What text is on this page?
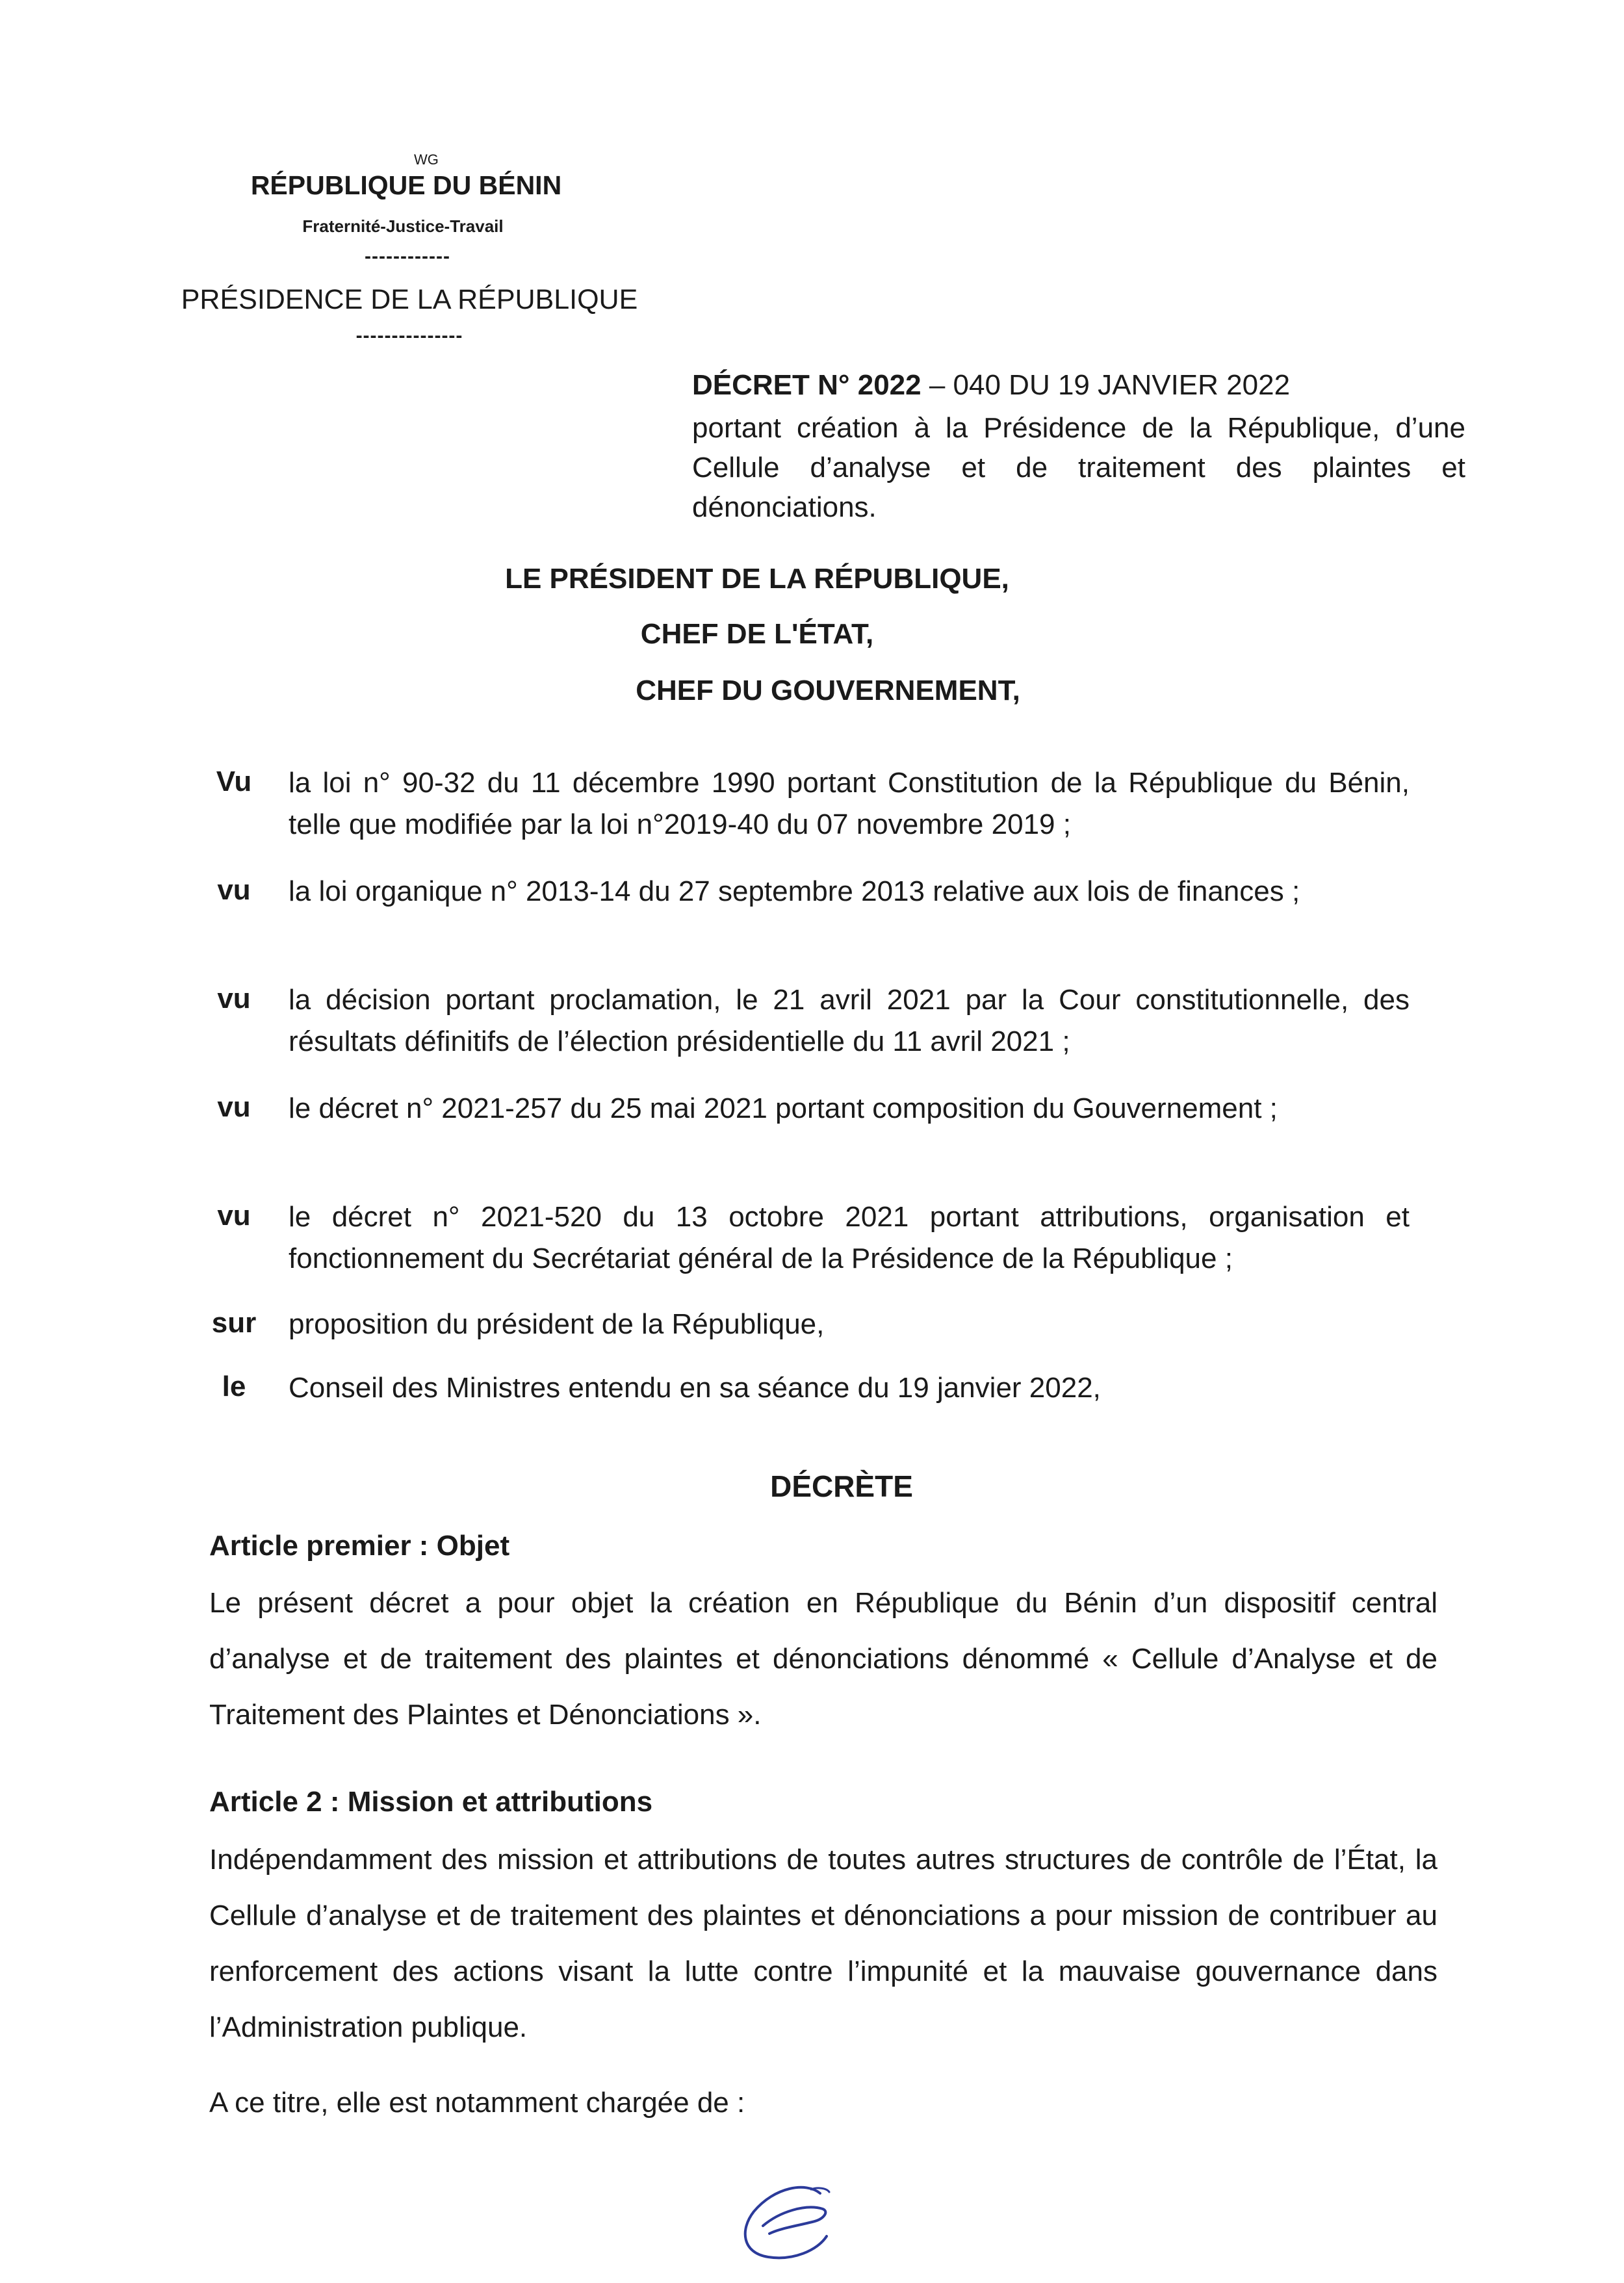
WG
RÉPUBLIQUE DU BÉNIN
Fraternité-Justice-Travail
------------
PRÉSIDENCE DE LA RÉPUBLIQUE
---------------
DÉCRET N° 2022 – 040 DU 19 JANVIER 2022
portant création à la Présidence de la République, d’une Cellule d’analyse et de traitement des plaintes et dénonciations.
LE PRÉSIDENT DE LA RÉPUBLIQUE,
CHEF DE L'ÉTAT,
CHEF DU GOUVERNEMENT,
Vu la loi n° 90-32 du 11 décembre 1990 portant Constitution de la République du Bénin, telle que modifiée par la loi n°2019-40 du 07 novembre 2019 ;
vu	la loi organique n° 2013-14 du 27 septembre 2013 relative aux lois de finances ;
vu	la décision portant proclamation, le 21 avril 2021 par la Cour constitutionnelle, des résultats définitifs de l’élection présidentielle du 11 avril 2021 ;
vu	le décret n° 2021-257 du 25 mai 2021 portant composition du Gouvernement ;
vu	le décret n° 2021-520 du 13 octobre 2021 portant attributions, organisation et fonctionnement du Secrétariat général de la Présidence de la République ;
sur proposition du président de la République,
le	Conseil des Ministres entendu en sa séance du 19 janvier 2022,
DÉCRÈTE
Article premier : Objet
Le présent décret a pour objet la création en République du Bénin d’un dispositif central d’analyse et de traitement des plaintes et dénonciations dénommé « Cellule d’Analyse et de Traitement des Plaintes et Dénonciations ».
Article 2 : Mission et attributions
Indépendamment des mission et attributions de toutes autres structures de contrôle de l’État, la Cellule d’analyse et de traitement des plaintes et dénonciations a pour mission de contribuer au renforcement des actions visant la lutte contre l’impunité et la mauvaise gouvernance dans l’Administration publique.
A ce titre, elle est notamment chargée de :
